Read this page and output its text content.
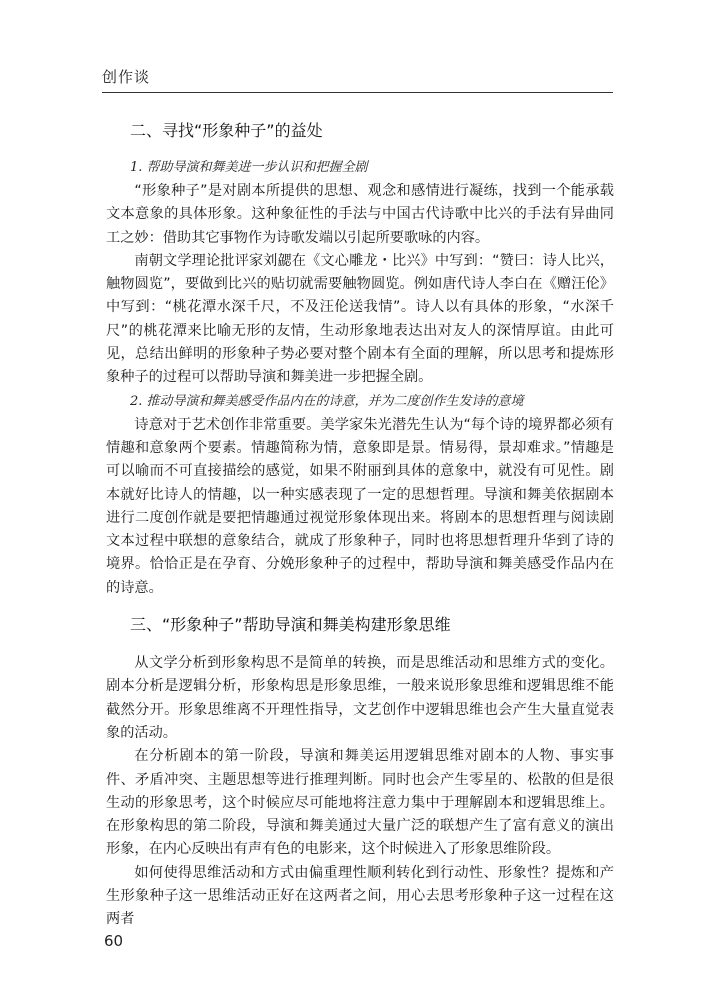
创作谈
二、寻找“形象种子”的益处
1. 帮助导演和舞美进一步认识和把握全剧

“形象种子”是对剧本所提供的思想、观念和感情进行凝练，找到一个能承载文本意象的具体形象。这种象征性的手法与中国古代诗歌中比兴的手法有异曲同工之妙：借助其它事物作为诗歌发端以引起所要歌咏的内容。

南朝文学理论批评家刘勰在《文心雕龙・比兴》中写到：“赞曰：诗人比兴，触物圆览”，要做到比兴的贴切就需要触物圆览。例如唐代诗人李白在《赠汪伦》中写到：“桃花潭水深千尺，不及汪伦送我情”。诗人以有具体的形象，“水深千尺”的桃花潭来比喻无形的友情，生动形象地表达出对友人的深情厚谊。由此可见，总结出鲜明的形象种子势必要对整个剧本有全面的理解，所以思考和提炼形象种子的过程可以帮助导演和舞美进一步把握全剧。

2. 推动导演和舞美感受作品内在的诗意，并为二度创作生发诗的意境

诗意对于艺术创作非常重要。美学家朱光潜先生认为“每个诗的境界都必须有情趣和意象两个要素。情趣简称为情，意象即是景。情易得，景却难求。”情趣是可以喻而不可直接描绘的感觉，如果不附丽到具体的意象中，就没有可见性。剧本就好比诗人的情趣，以一种实感表现了一定的思想哲理。导演和舞美依据剧本进行二度创作就是要把情趣通过视觉形象体现出来。将剧本的思想哲理与阅读剧文本过程中联想的意象结合，就成了形象种子，同时也将思想哲理升华到了诗的境界。恰恰正是在孕育、分娩形象种子的过程中，帮助导演和舞美感受作品内在的诗意。

三、“形象种子”帮助导演和舞美构建形象思维

从文学分析到形象构思不是简单的转换，而是思维活动和思维方式的变化。剧本分析是逻辑分析，形象构思是形象思维，一般来说形象思维和逻辑思维不能截然分开。形象思维离不开理性指导，文艺创作中逻辑思维也会产生大量直觉表象的活动。

在分析剧本的第一阶段，导演和舞美运用逻辑思维对剧本的人物、事实事件、矛盾冲突、主题思想等进行推理判断。同时也会产生零星的、松散的但是很生动的形象思考，这个时候应尽可能地将注意力集中于理解剧本和逻辑思维上。在形象构思的第二阶段，导演和舞美通过大量广泛的联想产生了富有意义的演出形象，在内心反映出有声有色的电影来，这个时候进入了形象思维阶段。

如何使得思维活动和方式由偏重理性顺利转化到行动性、形象性？提炼和产生形象种子这一思维活动正好在这两者之间，用心去思考形象种子这一过程在这两者

60
